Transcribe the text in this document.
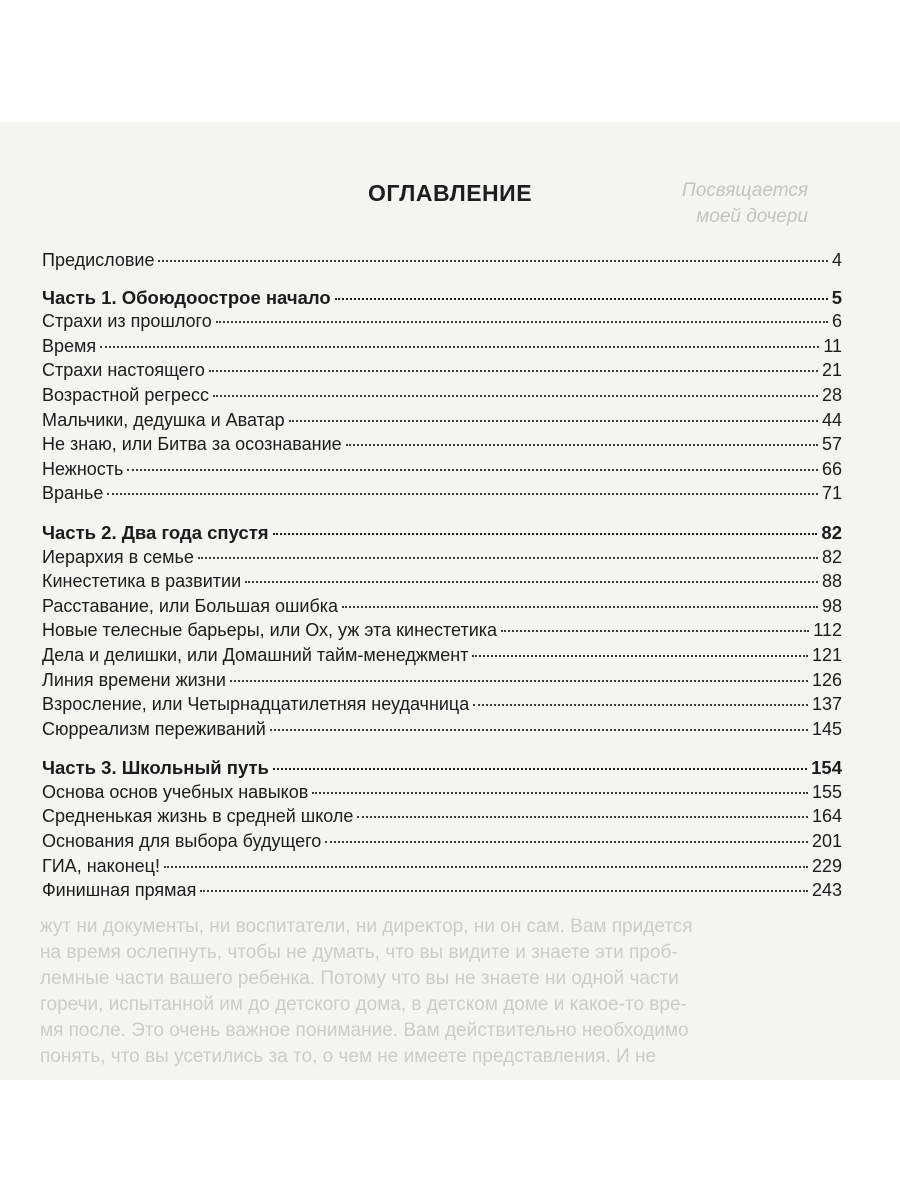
Посвящается
моей дочери
жут ни документы, ни воспитатели, ни директор, ни он сам. Вам придется
на время ослепнуть, чтобы не думать, что вы видите и знаете эти проб-
лемные части вашего ребенка. Потому что вы не знаете ни одной части
горечи, испытанной им до детского дома, в детском доме и какое-то вре-
мя после. Это очень важное понимание. Вам действительно необходимо
понять, что вы усетились за то, о чем не имеете представления. И не
ОГЛАВЛЕНИЕ
Предисловие	4
Часть 1. Обоюдоострое начало	5
Страхи из прошлого	6
Время	11
Страхи настоящего	21
Возрастной регресс	28
Мальчики, дедушка и Аватар	44
Не знаю, или Битва за осознавание	57
Нежность	66
Вранье	71
Часть 2. Два года спустя	82
Иерархия в семье	82
Кинестетика в развитии	88
Расставание, или Большая ошибка	98
Новые телесные барьеры, или Ох, уж эта кинестетика	112
Дела и делишки, или Домашний тайм-менеджмент	121
Линия времени жизни	126
Взросление, или Четырнадцатилетняя неудачница	137
Сюрреализм переживаний	145
Часть 3. Школьный путь	154
Основа основ учебных навыков	155
Средненькая жизнь в средней школе	164
Основания для выбора будущего	201
ГИА, наконец!	229
Финишная прямая	243
